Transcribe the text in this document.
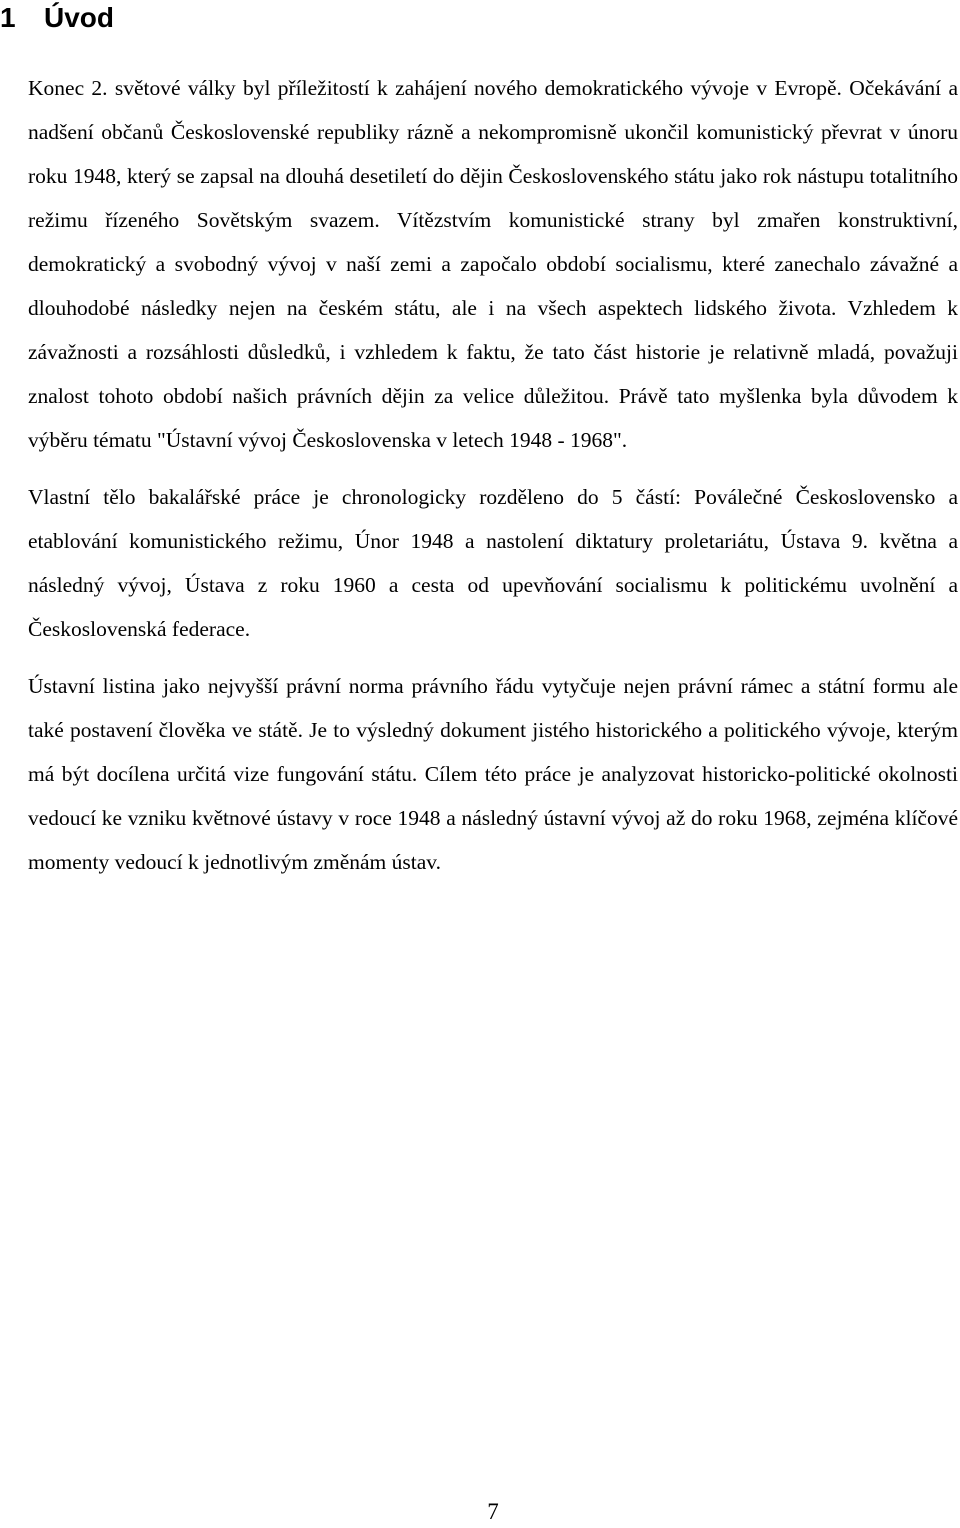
1	Úvod

Konec 2. světové války byl příležitostí k zahájení nového demokratického vývoje v Evropě. Očekávání a nadšení občanů Československé republiky rázně a nekompromisně ukončil komunistický převrat v únoru roku 1948, který se zapsal na dlouhá desetiletí do dějin Československého státu jako rok nástupu totalitního režimu řízeného Sovětským svazem. Vítězstvím komunistické strany byl zmařen konstruktivní, demokratický a svobodný vývoj v naší zemi a započalo období socialismu, které zanechalo závažné a dlouhodobé následky nejen na českém státu, ale i na všech aspektech lidského života. Vzhledem k závažnosti a rozsáhlosti důsledků, i vzhledem k faktu, že tato část historie je relativně mladá, považuji znalost tohoto období našich právních dějin za velice důležitou. Právě tato myšlenka byla důvodem k výběru tématu "Ústavní vývoj Československa v letech 1948 - 1968".

Vlastní tělo bakalářské práce je chronologicky rozděleno do 5 částí: Poválečné Československo a etablování komunistického režimu, Únor 1948 a nastolení diktatury proletariátu, Ústava 9. května a následný vývoj, Ústava z roku 1960 a cesta od upevňování socialismu k politickému uvolnění a Československá federace.

Ústavní listina jako nejvyšší právní norma právního řádu vytyčuje nejen právní rámec a státní formu ale také postavení člověka ve státě. Je to výsledný dokument jistého historického a politického vývoje, kterým má být docílena určitá vize fungování státu. Cílem této práce je analyzovat historicko-politické okolnosti vedoucí ke vzniku květnové ústavy v roce 1948 a následný ústavní vývoj až do roku 1968, zejména klíčové momenty vedoucí k jednotlivým změnám ústav.

7
